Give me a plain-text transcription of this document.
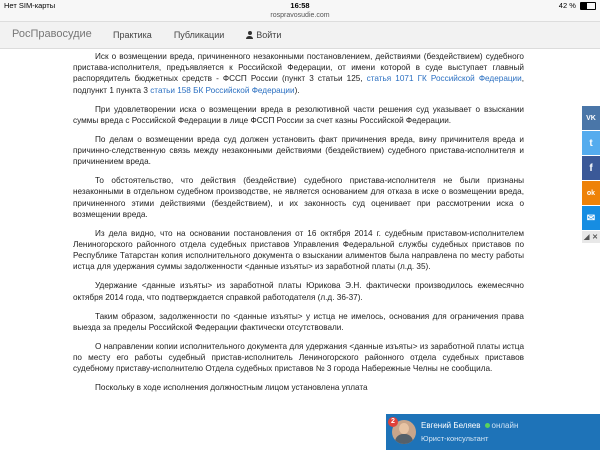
Нет SIM-карты	16:58	42 %
rospravosudie.com
РосПравосудие Практика Публикации	Войти

Иск о возмещении вреда, причиненного незаконными постановлением, действиями (бездействием) судебного пристава-исполнителя, предъявляется к Российской Федерации, от имени которой в суде выступает главный распорядитель бюджетных средств - ФССП России (пункт 3 статьи 125, статья 1071 ГК Российской Федерации, подпункт 1 пункта 3 статьи 158 БК Российской Федерации).

При удовлетворении иска о возмещении вреда в резолютивной части решения суд указывает о взыскании суммы вреда с Российской Федерации в лице ФССП России за счет казны Российской Федерации.

По делам о возмещении вреда суд должен установить факт причинения вреда, вину причинителя вреда и причинно-следственную связь между незаконными действиями (бездействием) судебного пристава-исполнителя и причинением вреда.

То обстоятельство, что действия (бездействие) судебного пристава-исполнителя не были признаны незаконными в отдельном судебном производстве, не является основанием для отказа в иске о возмещении вреда, причиненного этими действиями (бездействием), и их законность суд оценивает при рассмотрении иска о возмещении вреда.

Из дела видно, что на основании постановления от 16 октября 2014 г. судебным приставом-исполнителем Лениногорского районного отдела судебных приставов Управления Федеральной службы судебных приставов по Республике Татарстан копия исполнительного документа о взыскании алиментов была направлена по месту работы истца для удержания суммы задолженности <данные изъяты> из заработной платы (л.д. 35).

Удержание <данные изъяты> из заработной платы Юрикова Э.Н. фактически производилось ежемесячно октября 2014 года, что подтверждается справкой работодателя (л.д. 36-37).

Таким образом, задолженности по <данные изъяты> у истца не имелось, основания для ограничения права выезда за пределы Российской Федерации фактически отсутствовали.

О направлении копии исполнительного документа для удержания <данные изъяты> из заработной платы истца по месту его работы судебный пристав-исполнитель Лениногорского районного отдела судебных приставов судебному приставу-исполнителю Отдела судебных приставов № 3 города Набережные Челны не сообщила.

Поскольку в ходе исполнения должностным лицом установлена уплата

VK
t
f
ok
✉
◢ ✕
2	Евгений Беляев онлайн
Юрист-консультант
